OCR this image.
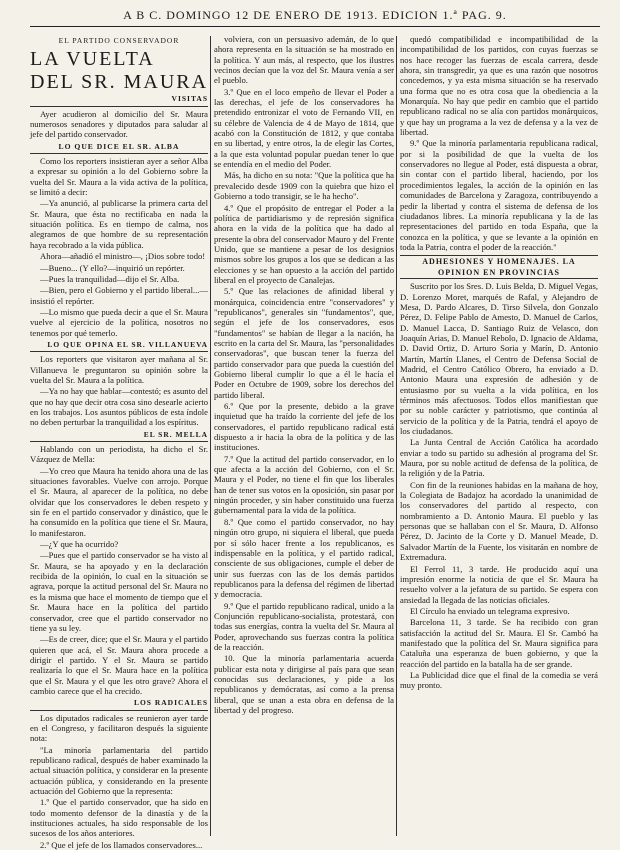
A B C. DOMINGO 12 DE ENERO DE 1913. EDICION 1.ª PAG. 9.
EL PARTIDO CONSERVADOR
LA VUELTA
DEL SR. MAURA
VISITAS

Ayer acudieron al domicilio del Sr. Maura numerosos senadores y diputados para saludar al jefe del partido conservador.

LO QUE DICE EL SR. ALBA

Como los reporters insistieran ayer a señor Alba a expresar su opinión a lo del Gobierno sobre la vuelta del Sr. Maura a la vida activa de la política, se limitó a decir:

—Ya anunció, al publicarse la primera carta del Sr. Maura, que ésta no rectificaba en nada la situación política. Es en tiempo de calma, nos alegramos de que hombre de su representación haya recobrado a la vida pública.

Ahora—añadió el ministro—, ¡Dios sobre todo!

—Bueno... (Y ello?—inquirió un repórter.

—Pues la tranquilidad—dijo el Sr. Alba.

—Bien, pero el Gobierno y el partido liberal...—insistió el repórter.

—Lo mismo que pueda decir a que el Sr. Maura vuelve al ejercicio de la política, nosotros no tenemos por qué temerlo.

LO QUE OPINA EL SR. VILLANUEVA

Los reporters que visitaron ayer mañana al Sr. Villanueva le preguntaron su opinión sobre la vuelta del Sr. Maura a la política.

—Ya no hay que hablar—contestó; es asunto del que no hay que decir otra cosa sino desearle acierto en los trabajos. Los asuntos públicos de esta índole no deben perturbar la tranquilidad a los espíritus.

EL SR. MELLA

Hablando con un periodista, ha dicho el Sr. Vázquez de Mella:

—Yo creo que Maura ha tenido ahora una de las situaciones favorables. Vuelve con arrojo. Porque el Sr. Maura, al aparecer de la política, no debe olvidar que los conservadores le deben respeto y sin fe en el partido conservador y dinástico, que le ha consumido en la política que tiene el Sr. Maura, lo manifestaron.

—¿Y que ha ocurrido?

—Pues que el partido conservador se ha visto al Sr. Maura, se ha apoyado y en la declaración recibida de la opinión, lo cual en la situación se agrava, porque la actitud personal del Sr. Maura no es la misma que hace el momento de tiempo que el Sr. Maura hace en la política del partido conservador, cree que el partido conservador no tiene ya su ley.

—Es de creer, dice; que el Sr. Maura y el partido quieren que acá, el Sr. Maura ahora procede a dirigir el partido. Y el Sr. Maura se partido realizaría lo que el Sr. Maura hace en la política que el Sr. Maura y el que les otro grave? Ahora el cambio carece que el ha crecido.

LOS RADICALES

Los diputados radicales se reunieron ayer tarde en el Congreso, y facilitaron después la siguiente nota:

"La minoría parlamentaria del partido republicano radical, después de haber examinado la actual situación política, y considerar en la presente actuación pública, y considerando en la presente actuación del Gobierno que la representa:

1.º Que el partido conservador, que ha sido en todo momento defensor de la dinastía y de la instituciones actuales, ha sido responsable de los sucesos de los años anteriores.

2.º Que el jefe de los llamados conservadores...

volviera, con un persuasivo ademán, de lo que ahora representa en la situación se ha mostrado en la política. Y aun más, al respecto, que los ilustres vecinos decían que la voz del Sr. Maura venía a ser el pueblo.

3.º Que en el loco empeño de llevar el Poder a las derechas, el jefe de los conservadores ha pretendido entronizar el voto de Fernando VII, en su célebre de Valencia de 4 de Mayo de 1814, que acabó con la Constitución de 1812, y que contaba en su libertad, y entre otros, la de elegir las Cortes, a la que esta voluntad popular puedan tener lo que se entendía en el medio del Poder.

Más, ha dicho en su nota: "Que la política que ha prevalecido desde 1909 con la quiebra que hizo el Gobierno a todo transigir, se le ha hecho".

4.º Que el propósito de entregar el Poder a la política de partidiarismo y de represión significa ahora en la vida de la política que ha dado al presente la obra del conservador Mauro y del Frente Unido, que se mantiene a pesar de los designios mismos sobre los grupos a los que se dedican a las elecciones y se han opuesto a la acción del partido liberal en el proyecto de Canalejas.

5.º Que las relaciones de afinidad liberal y monárquica, coincidencia entre "conservadores" y "republicanos", generales sin "fundamentos", que, según el jefe de los conservadores, esos "fundamentos" se habían de llegar a la nación, ha escrito en la carta del Sr. Maura, las "personalidades conservadoras", que buscan tener la fuerza del partido conservador para que pueda la cuestión del Gobierno liberal cumplir lo que a él le hacía el Poder en Octubre de 1909, sobre los derechos del partido liberal.

6.º Que por la presente, debido a la grave inquietud que ha traído la corriente del jefe de los conservadores, el partido republicano radical está dispuesto a ir hacia la obra de la política y de las instituciones.

7.º Que la actitud del partido conservador, en lo que afecta a la acción del Gobierno, con el Sr. Maura y el Poder, no tiene el fin que los liberales han de tener sus votos en la oposición, sin pasar por ningún proceder, y sin haber constituido una fuerza gubernamental para la vida de la política.

8.º Que como el partido conservador, no hay ningún otro grupo, ni siquiera el liberal, que pueda por sí sólo hacer frente a los republicanos, es indispensable en la política, y el partido radical, consciente de sus obligaciones, cumple el deber de unir sus fuerzas con las de los demás partidos republicanos para la defensa del régimen de libertad y democracia.

9.º Que el partido republicano radical, unido a la Conjunción republicano-socialista, protestará, con todas sus energías, contra la vuelta del Sr. Maura al Poder, aprovechando sus fuerzas contra la política de la reacción.

10. Que la minoría parlamentaria acuerda publicar esta nota y dirigirse al país para que sean conocidas sus declaraciones, y pide a los republicanos y demócratas, así como a la prensa liberal, que se unan a esta obra en defensa de la libertad y del progreso.

quedó compatibilidad e incompatibilidad de la incompatibilidad de los partidos, con cuyas fuerzas se nos hace recoger las fuerzas de escala carrera, desde ahora, sin transgredir, ya que es una razón que nosotros concedemos, y ya esta misma situación se ha reservado una forma que no es otra cosa que la obediencia a la Monarquía. No hay que pedir en cambio que el partido republicano radical no se alía con partidos monárquicos, y que hay un programa a la vez de defensa y a la vez de libertad.

9.º Que la minoría parlamentaria republicana radical, por si la posibilidad de que la vuelta de los conservadores no llegue al Poder, está dispuesta a obrar, sin contar con el partido liberal, haciendo, por los procedimientos legales, la acción de la opinión en las comunidades de Barcelona y Zaragoza, contribuyendo a pedir la libertad y contra el sistema de defensa de los ciudadanos libres. La minoría republicana y la de las representaciones del partido en toda España, que la conozca en la política, y que se levante a la opinión en toda la Patria, contra el poder de la reacción."

ADHESIONES Y HOMENAJES. LA OPINION EN PROVINCIAS

Suscrito por los Sres. D. Luis Belda, D. Miguel Vegas, D. Lorenzo Moret, marqués de Rafal, y Alejandro de Mesa, D. Pardo Alcares, D. Tirso Silvela, don Gonzalo Pérez, D. Felipe Pablo de Amesto, D. Manuel de Carlos, D. Manuel Lacca, D. Santiago Ruiz de Velasco, don Joaquín Arias, D. Manuel Rebolo, D. Ignacio de Aldama, D. David Ortiz, D. Arturo Soria y Marín, D. Antonio Martín, Martín Llanes, el Centro de Defensa Social de Madrid, el Centro Católico Obrero, ha enviado a D. Antonio Maura una expresión de adhesión y de entusiasmo por su vuelta a la vida política, en los términos más afectuosos. Todos ellos manifiestan que por su noble carácter y patriotismo, que continúa al servicio de la política y de la Patria, tendrá el apoyo de los ciudadanos.

La Junta Central de Acción Católica ha acordado enviar a todo su partido su adhesión al programa del Sr. Maura, por su noble actitud de defensa de la política, de la religión y de la Patria.

Con fin de la reuniones habidas en la mañana de hoy, la Colegiata de Badajoz ha acordado la unanimidad de los conservadores del partido al respecto, con nombramiento a D. Antonio Maura. El pueblo y las personas que se hallaban con el Sr. Maura, D. Alfonso Pérez, D. Jacinto de la Corte y D. Manuel Meade, D. Salvador Martín de la Fuente, los visitarán en nombre de Extremadura.

El Ferrol 11, 3 tarde. He producido aquí una impresión enorme la noticia de que el Sr. Maura ha resuelto volver a la jefatura de su partido. Se espera con ansiedad la llegada de las noticias oficiales.

El Círculo ha enviado un telegrama expresivo.

Barcelona 11, 3 tarde. Se ha recibido con gran satisfacción la actitud del Sr. Maura. El Sr. Cambó ha manifestado que la política del Sr. Maura significa para Cataluña una esperanza de buen gobierno, y que la reacción del partido en la batalla ha de ser grande.

La Publicidad dice que el final de la comedia se verá muy pronto.
